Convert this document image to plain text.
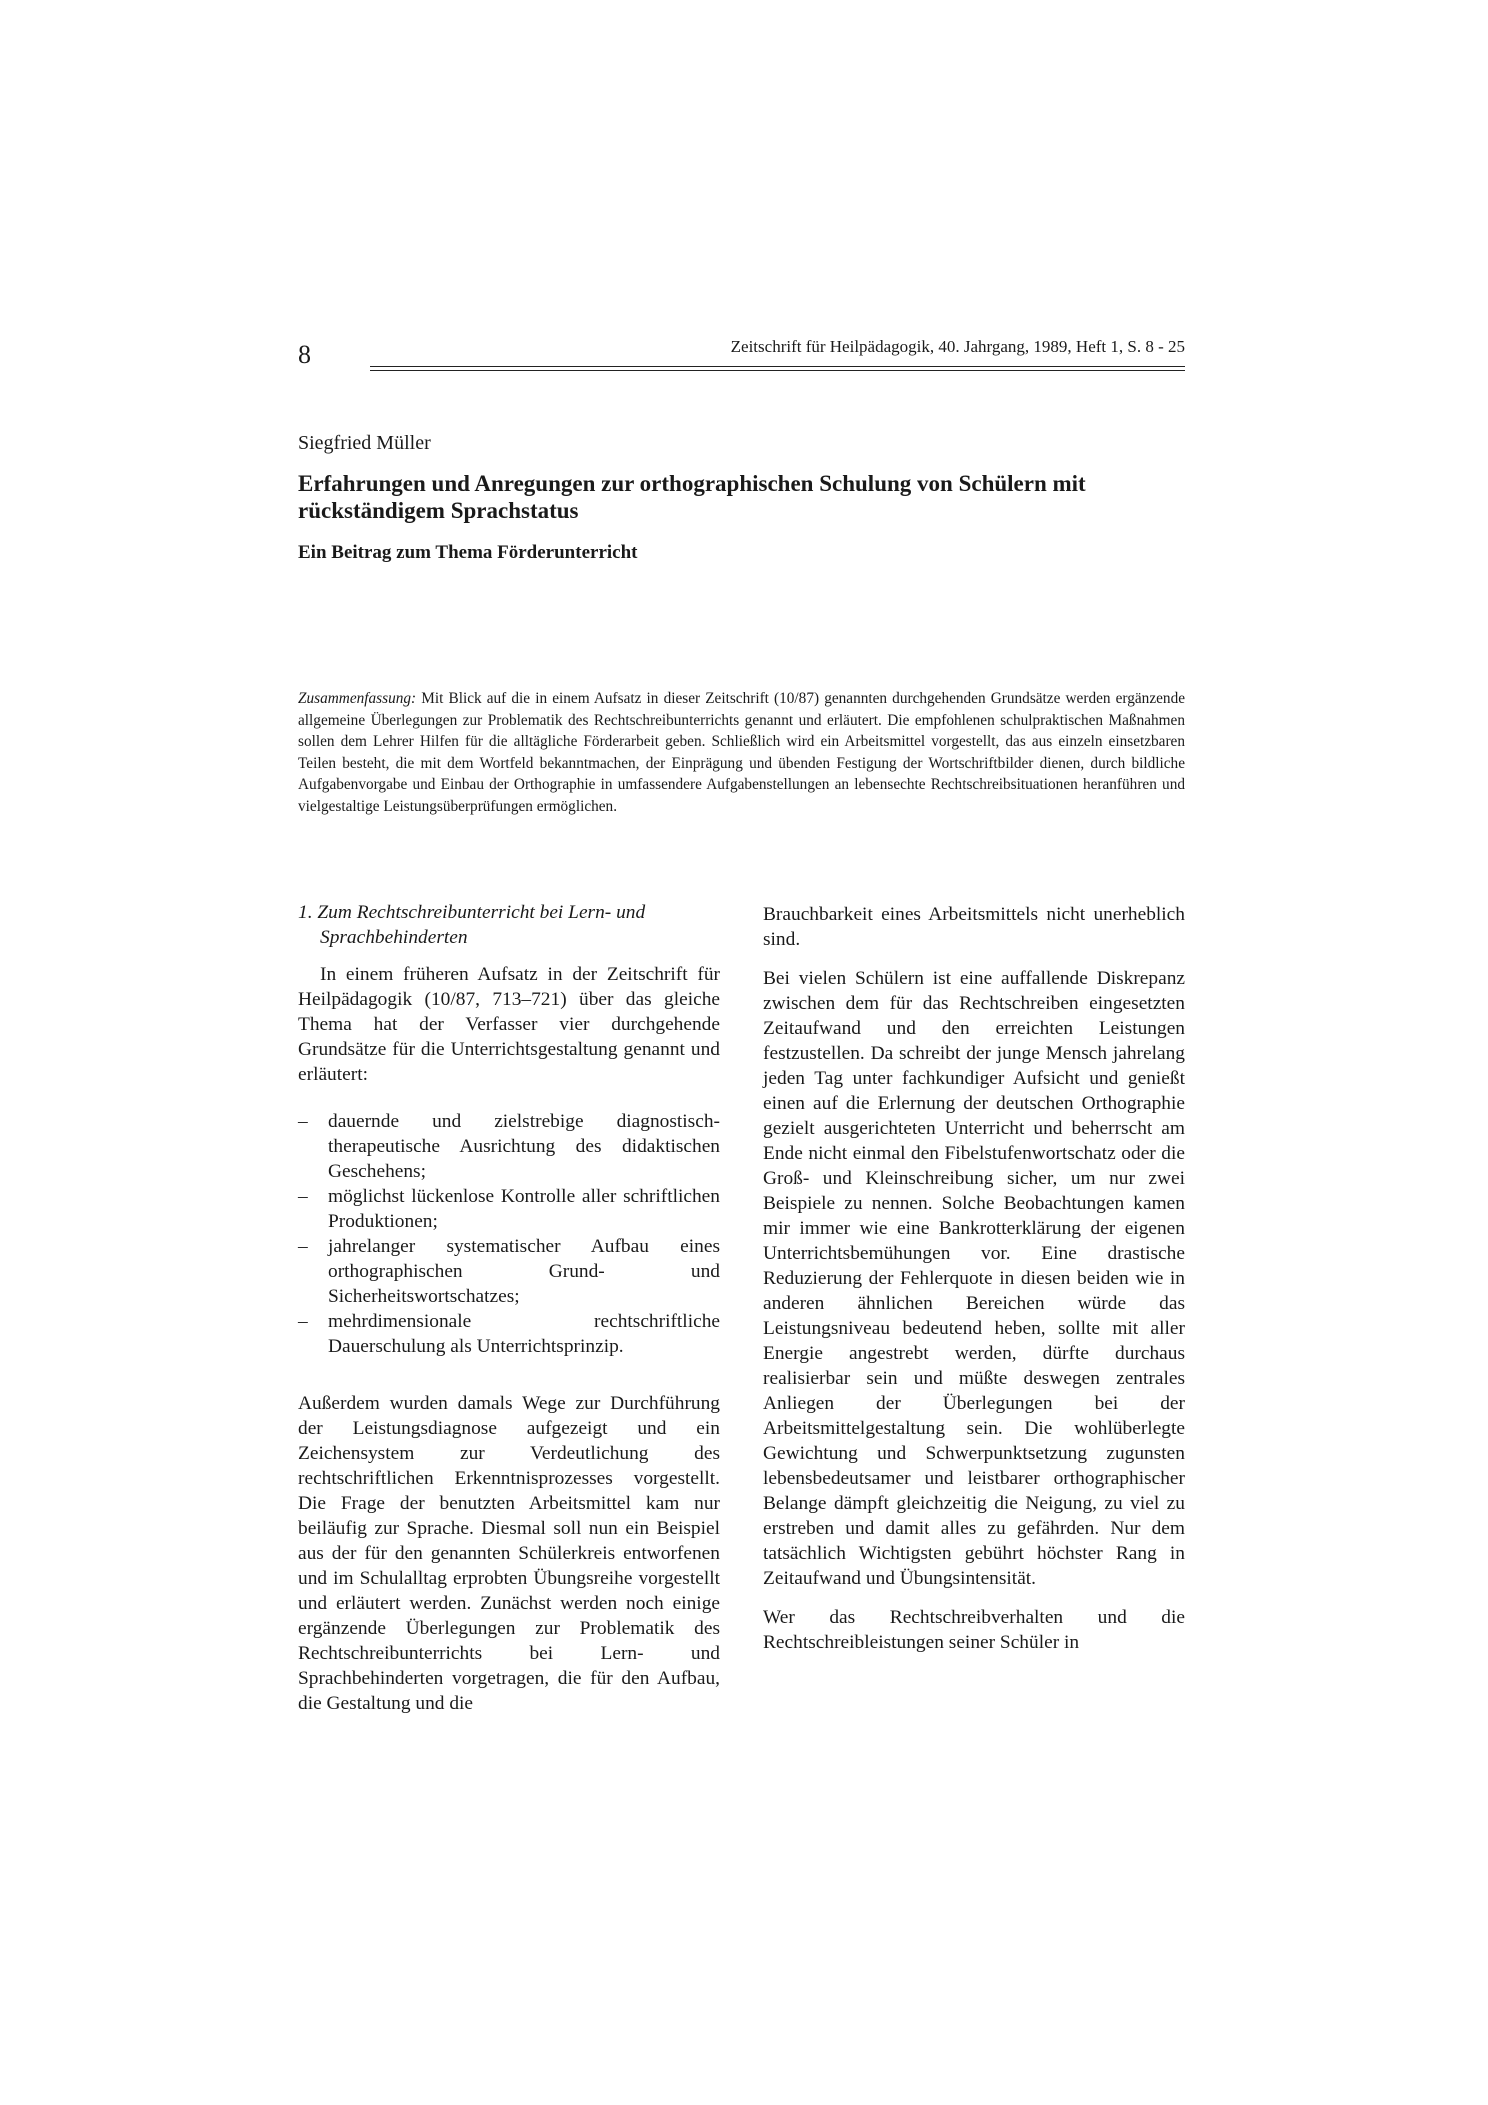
8	Zeitschrift für Heilpädagogik, 40. Jahrgang, 1989, Heft 1, S. 8 - 25
Siegfried Müller
Erfahrungen und Anregungen zur orthographischen Schulung von Schülern mit rückständigem Sprachstatus
Ein Beitrag zum Thema Förderunterricht

Zusammenfassung: Mit Blick auf die in einem Aufsatz in dieser Zeitschrift (10/87) genannten durchgehenden Grundsätze werden ergänzende allgemeine Überlegungen zur Problematik des Rechtschreibunterrichts genannt und erläutert. Die empfohlenen schulpraktischen Maßnahmen sollen dem Lehrer Hilfen für die alltägliche Förderarbeit geben. Schließlich wird ein Arbeitsmittel vorgestellt, das aus einzeln einsetzbaren Teilen besteht, die mit dem Wortfeld bekanntmachen, der Einprägung und übenden Festigung der Wortschriftbilder dienen, durch bildliche Aufgabenvorgabe und Einbau der Orthographie in umfassendere Aufgabenstellungen an lebensechte Rechtschreibsituationen heranführen und vielgestaltige Leistungsüberprüfungen ermöglichen.

1. Zum Rechtschreibunterricht bei Lern- und Sprachbehinderten

In einem früheren Aufsatz in der Zeitschrift für Heilpädagogik (10/87, 713–721) über das gleiche Thema hat der Verfasser vier durchgehende Grundsätze für die Unterrichtsgestaltung genannt und erläutert:

– dauernde und zielstrebige diagnostisch-therapeutische Ausrichtung des didaktischen Geschehens;
– möglichst lückenlose Kontrolle aller schriftlichen Produktionen;
– jahrelanger systematischer Aufbau eines orthographischen Grund- und Sicherheitswortschatzes;
– mehrdimensionale rechtschriftliche Dauerschulung als Unterrichtsprinzip.

Außerdem wurden damals Wege zur Durchführung der Leistungsdiagnose aufgezeigt und ein Zeichensystem zur Verdeutlichung des rechtschriftlichen Erkenntnisprozesses vorgestellt. Die Frage der benutzten Arbeitsmittel kam nur beiläufig zur Sprache. Diesmal soll nun ein Beispiel aus der für den genannten Schülerkreis entworfenen und im Schulalltag erprobten Übungsreihe vorgestellt und erläutert werden. Zunächst werden noch einige ergänzende Überlegungen zur Problematik des Rechtschreibunterrichts bei Lern- und Sprachbehinderten vorgetragen, die für den Aufbau, die Gestaltung und die

Brauchbarkeit eines Arbeitsmittels nicht unerheblich sind.

Bei vielen Schülern ist eine auffallende Diskrepanz zwischen dem für das Rechtschreiben eingesetzten Zeitaufwand und den erreichten Leistungen festzustellen. Da schreibt der junge Mensch jahrelang jeden Tag unter fachkundiger Aufsicht und genießt einen auf die Erlernung der deutschen Orthographie gezielt ausgerichteten Unterricht und beherrscht am Ende nicht einmal den Fibelstufenwortschatz oder die Groß- und Kleinschreibung sicher, um nur zwei Beispiele zu nennen. Solche Beobachtungen kamen mir immer wie eine Bankrotterklärung der eigenen Unterrichtsbemühungen vor. Eine drastische Reduzierung der Fehlerquote in diesen beiden wie in anderen ähnlichen Bereichen würde das Leistungsniveau bedeutend heben, sollte mit aller Energie angestrebt werden, dürfte durchaus realisierbar sein und müßte deswegen zentrales Anliegen der Überlegungen bei der Arbeitsmittelgestaltung sein. Die wohlüberlegte Gewichtung und Schwerpunktsetzung zugunsten lebensbedeutsamer und leistbarer orthographischer Belange dämpft gleichzeitig die Neigung, zu viel zu erstreben und damit alles zu gefährden. Nur dem tatsächlich Wichtigsten gebührt höchster Rang in Zeitaufwand und Übungsintensität.

Wer das Rechtschreibverhalten und die Rechtschreibleistungen seiner Schüler in
